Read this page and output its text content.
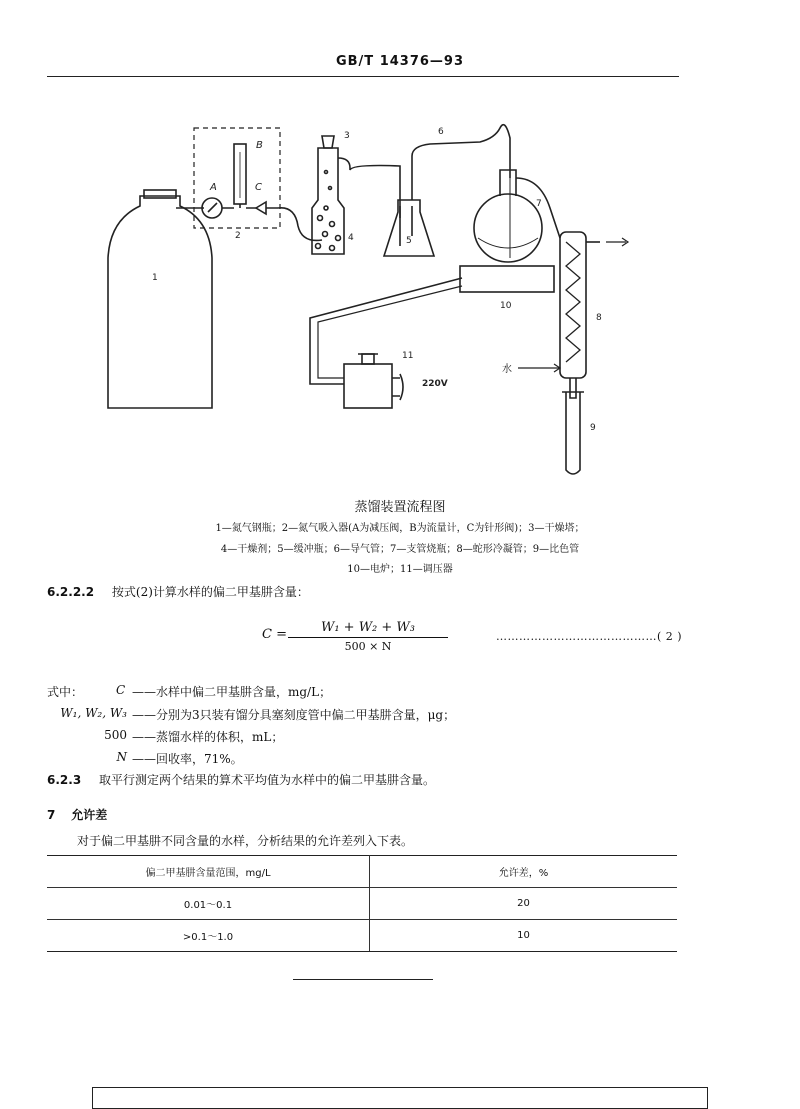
GB/T 14376—93
1
2
A
B
C
3
4	5
6
7
10
11
220V
8
水
9
蒸馏装置流程图
1—氮气钢瓶；2—氮气吸入器(A为减压阀，B为流量计，C为针形阀)；3—干燥塔；
4—干燥剂；5—缓冲瓶；6—导气管；7—支管烧瓶；8—蛇形冷凝管；9—比色管
10—电炉；11—调压器
6.2.2.2 按式(2)计算水样的偏二甲基肼含量：
C =	W₁ + W₂ + W₃
500 × N
……………………………………( 2 )
式中：	C ——水样中偏二甲基肼含量，mg/L；
W₁, W₂, W₃ ——分别为3只装有馏分具塞刻度管中偏二甲基肼含量，μg；
500 ——蒸馏水样的体积，mL；
N ——回收率，71%。
6.2.3 取平行测定两个结果的算术平均值为水样中的偏二甲基肼含量。
7 允许差
对于偏二甲基肼不同含量的水样，分析结果的允许差列入下表。
偏二甲基肼含量范围，mg/L	允许差，%
0.01～0.1	20
>0.1～1.0	10
